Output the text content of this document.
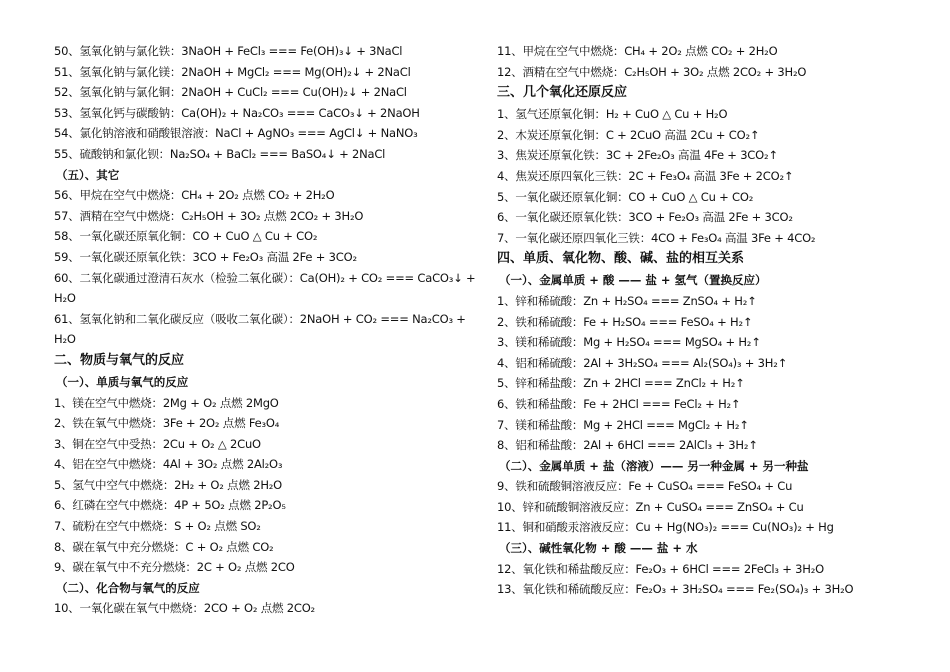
50、氢氧化钠与氯化铁：3NaOH + FeCl₃ === Fe(OH)₃↓ + 3NaCl
51、氢氧化钠与氯化镁：2NaOH + MgCl₂ === Mg(OH)₂↓ + 2NaCl
52、氢氧化钠与氯化铜：2NaOH + CuCl₂ === Cu(OH)₂↓ + 2NaCl
53、氢氧化钙与碳酸钠：Ca(OH)₂ + Na₂CO₃ === CaCO₃↓ + 2NaOH
54、氯化钠溶液和硝酸银溶液：NaCl + AgNO₃ === AgCl↓ + NaNO₃
55、硫酸钠和氯化钡：Na₂SO₄ + BaCl₂ === BaSO₄↓ + 2NaCl
（五）、其它
56、甲烷在空气中燃烧：CH₄ + 2O₂ 点燃 CO₂ + 2H₂O
57、酒精在空气中燃烧：C₂H₅OH + 3O₂ 点燃 2CO₂ + 3H₂O
58、一氧化碳还原氧化铜：CO + CuO △ Cu + CO₂
59、一氧化碳还原氧化铁：3CO + Fe₂O₃ 高温 2Fe + 3CO₂
60、二氧化碳通过澄清石灰水（检验二氧化碳）：Ca(OH)₂ + CO₂ === CaCO₃↓ + H₂O
61、氢氧化钠和二氧化碳反应（吸收二氧化碳）：2NaOH + CO₂ === Na₂CO₃ + H₂O
二、物质与氧气的反应
（一）、单质与氧气的反应
1、镁在空气中燃烧：2Mg + O₂ 点燃 2MgO
2、铁在氧气中燃烧：3Fe + 2O₂ 点燃 Fe₃O₄
3、铜在空气中受热：2Cu + O₂ △ 2CuO
4、铝在空气中燃烧：4Al + 3O₂ 点燃 2Al₂O₃
5、氢气中空气中燃烧：2H₂ + O₂ 点燃 2H₂O
6、红磷在空气中燃烧：4P + 5O₂ 点燃 2P₂O₅
7、硫粉在空气中燃烧：S + O₂ 点燃 SO₂
8、碳在氧气中充分燃烧：C + O₂ 点燃 CO₂
9、碳在氧气中不充分燃烧：2C + O₂ 点燃 2CO
（二）、化合物与氧气的反应
10、一氧化碳在氧气中燃烧：2CO + O₂ 点燃 2CO₂
11、甲烷在空气中燃烧：CH₄ + 2O₂ 点燃 CO₂ + 2H₂O
12、酒精在空气中燃烧：C₂H₅OH + 3O₂ 点燃 2CO₂ + 3H₂O
三、几个氧化还原反应
1、氢气还原氧化铜：H₂ + CuO △ Cu + H₂O
2、木炭还原氧化铜：C + 2CuO 高温 2Cu + CO₂↑
3、焦炭还原氧化铁：3C + 2Fe₂O₃ 高温 4Fe + 3CO₂↑
4、焦炭还原四氧化三铁：2C + Fe₃O₄ 高温 3Fe + 2CO₂↑
5、一氧化碳还原氧化铜：CO + CuO △ Cu + CO₂
6、一氧化碳还原氧化铁：3CO + Fe₂O₃ 高温 2Fe + 3CO₂
7、一氧化碳还原四氧化三铁：4CO + Fe₃O₄ 高温 3Fe + 4CO₂
四、单质、氧化物、酸、碱、盐的相互关系
（一）、金属单质 + 酸 —— 盐 + 氢气（置换反应）
1、锌和稀硫酸：Zn + H₂SO₄ === ZnSO₄ + H₂↑
2、铁和稀硫酸：Fe + H₂SO₄ === FeSO₄ + H₂↑
3、镁和稀硫酸：Mg + H₂SO₄ === MgSO₄ + H₂↑
4、铝和稀硫酸：2Al + 3H₂SO₄ === Al₂(SO₄)₃ + 3H₂↑
5、锌和稀盐酸：Zn + 2HCl === ZnCl₂ + H₂↑
6、铁和稀盐酸：Fe + 2HCl === FeCl₂ + H₂↑
7、镁和稀盐酸：Mg + 2HCl === MgCl₂ + H₂↑
8、铝和稀盐酸：2Al + 6HCl === 2AlCl₃ + 3H₂↑
（二）、金属单质 + 盐（溶液）—— 另一种金属 + 另一种盐
9、铁和硫酸铜溶液反应：Fe + CuSO₄ === FeSO₄ + Cu
10、锌和硫酸铜溶液反应：Zn + CuSO₄ === ZnSO₄ + Cu
11、铜和硝酸汞溶液反应：Cu + Hg(NO₃)₂ === Cu(NO₃)₂ + Hg
（三）、碱性氧化物 + 酸 —— 盐 + 水
12、氧化铁和稀盐酸反应：Fe₂O₃ + 6HCl === 2FeCl₃ + 3H₂O
13、氧化铁和稀硫酸反应：Fe₂O₃ + 3H₂SO₄ === Fe₂(SO₄)₃ + 3H₂O
